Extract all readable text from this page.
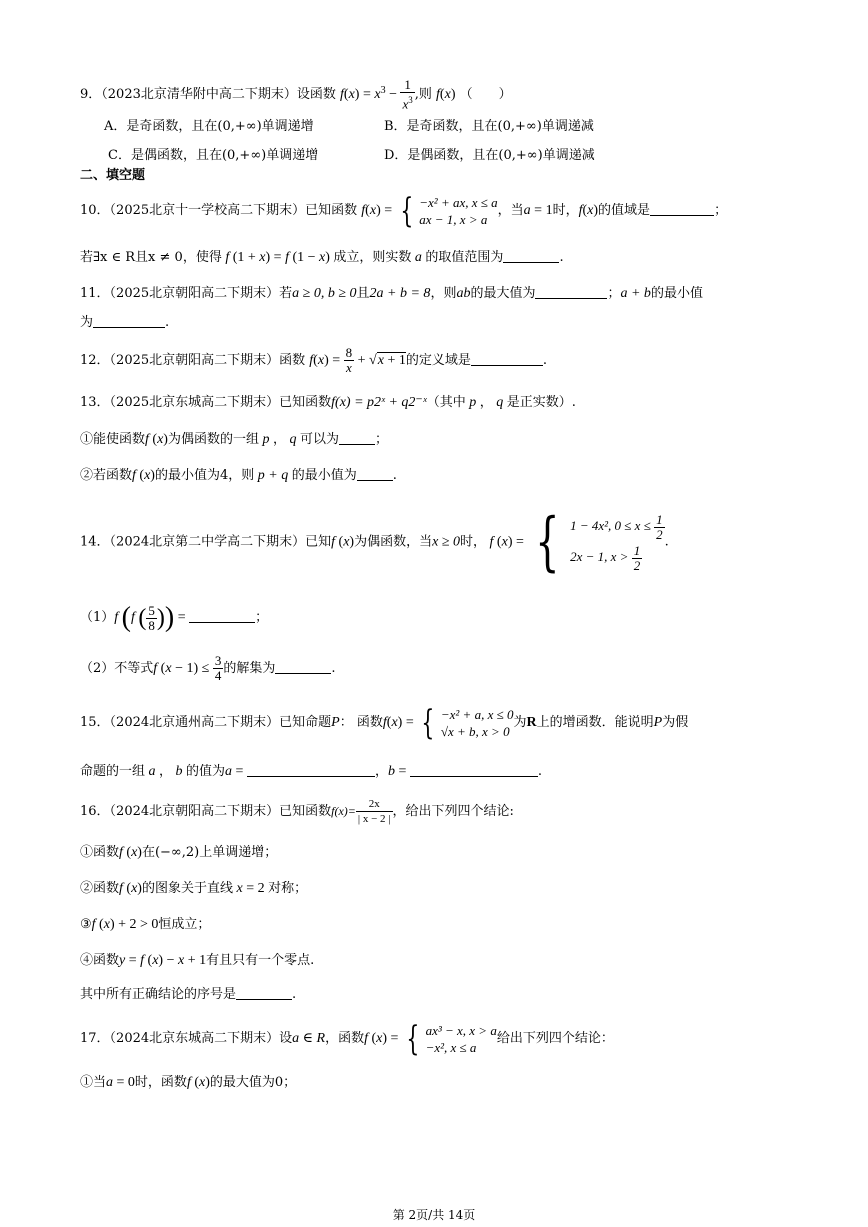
9．（2023北京清华附中高二下期末）设函数 $f(x) = x^3 - \frac{1}{x^3}$ ,则 f(x) （　　）
A．是奇函数，且在(0,+∞)单调递增	B．是奇函数，且在(0,+∞)单调递减
C．是偶函数，且在(0,+∞)单调递增	D．是偶函数，且在(0,+∞)单调递减
二、填空题
10．（2025北京十一学校高二下期末）已知函数 f(x) = { −x² + ax, x ≤ a
ax − 1, x > a
，当a = 1时，f(x)的值域是	；
若∃x ∈ R且x ≠ 0，使得 f (1 + x) = f (1 − x) 成立，则实数 a 的取值范围为	.
11．（2025北京朝阳高二下期末）若a ≥ 0, b ≥ 0且2a + b = 8，则ab的最大值为	；a + b的最小值
为	.
12．（2025北京朝阳高二下期末）函数 $f(x) = \frac{8}{x} + √x + 1$的定义域是	.
13．（2025北京东城高二下期末）已知函数f(x) = p2ˣ + q2⁻ˣ（其中 p ， q 是正实数）.
①能使函数f (x)为偶函数的一组 p ， q 可以为	；
②若函数f (x)的最小值为4，则 p + q 的最小值为	.
14．（2024北京第二中学高二下期末）已知f (x)为偶函数，当x ≥ 0时， f (x) = { 1 − 4x², $0 \le x \le \frac{1}{2}$
2x − 1, $x > \frac{1}{2}$
.
（1）f (f ( $\frac{5}{8}$ )) =	；
（2）不等式f $(x - 1) \le \frac{3}{4}$ 的解集为	.
15．（2024北京通州高二下期末）已知命题P： 函数f(x) = { −x² + a, x ≤ 0
√x + b, x > 0
为R上的增函数．能说明P为假
命题的一组 a ， b 的值为a =	，b =	.
16．（2024北京朝阳高二下期末）已知函数$f(x)= \frac{2x}{| x - 2 |}$ ，给出下列四个结论:
①函数f (x)在(−∞,2)上单调递增；
②函数f (x)的图象关于直线 x = 2 对称；
③f (x) + 2 > 0恒成立；
④函数y = f (x) − x + 1有且只有一个零点.
其中所有正确结论的序号是	.
17．（2024北京东城高二下期末）设a ∈ R，函数f (x) = { ax³ − x, x > a
−x², x ≤ a
给出下列四个结论：
①当a = 0时，函数f (x)的最大值为0；
第 2页/共 14页
